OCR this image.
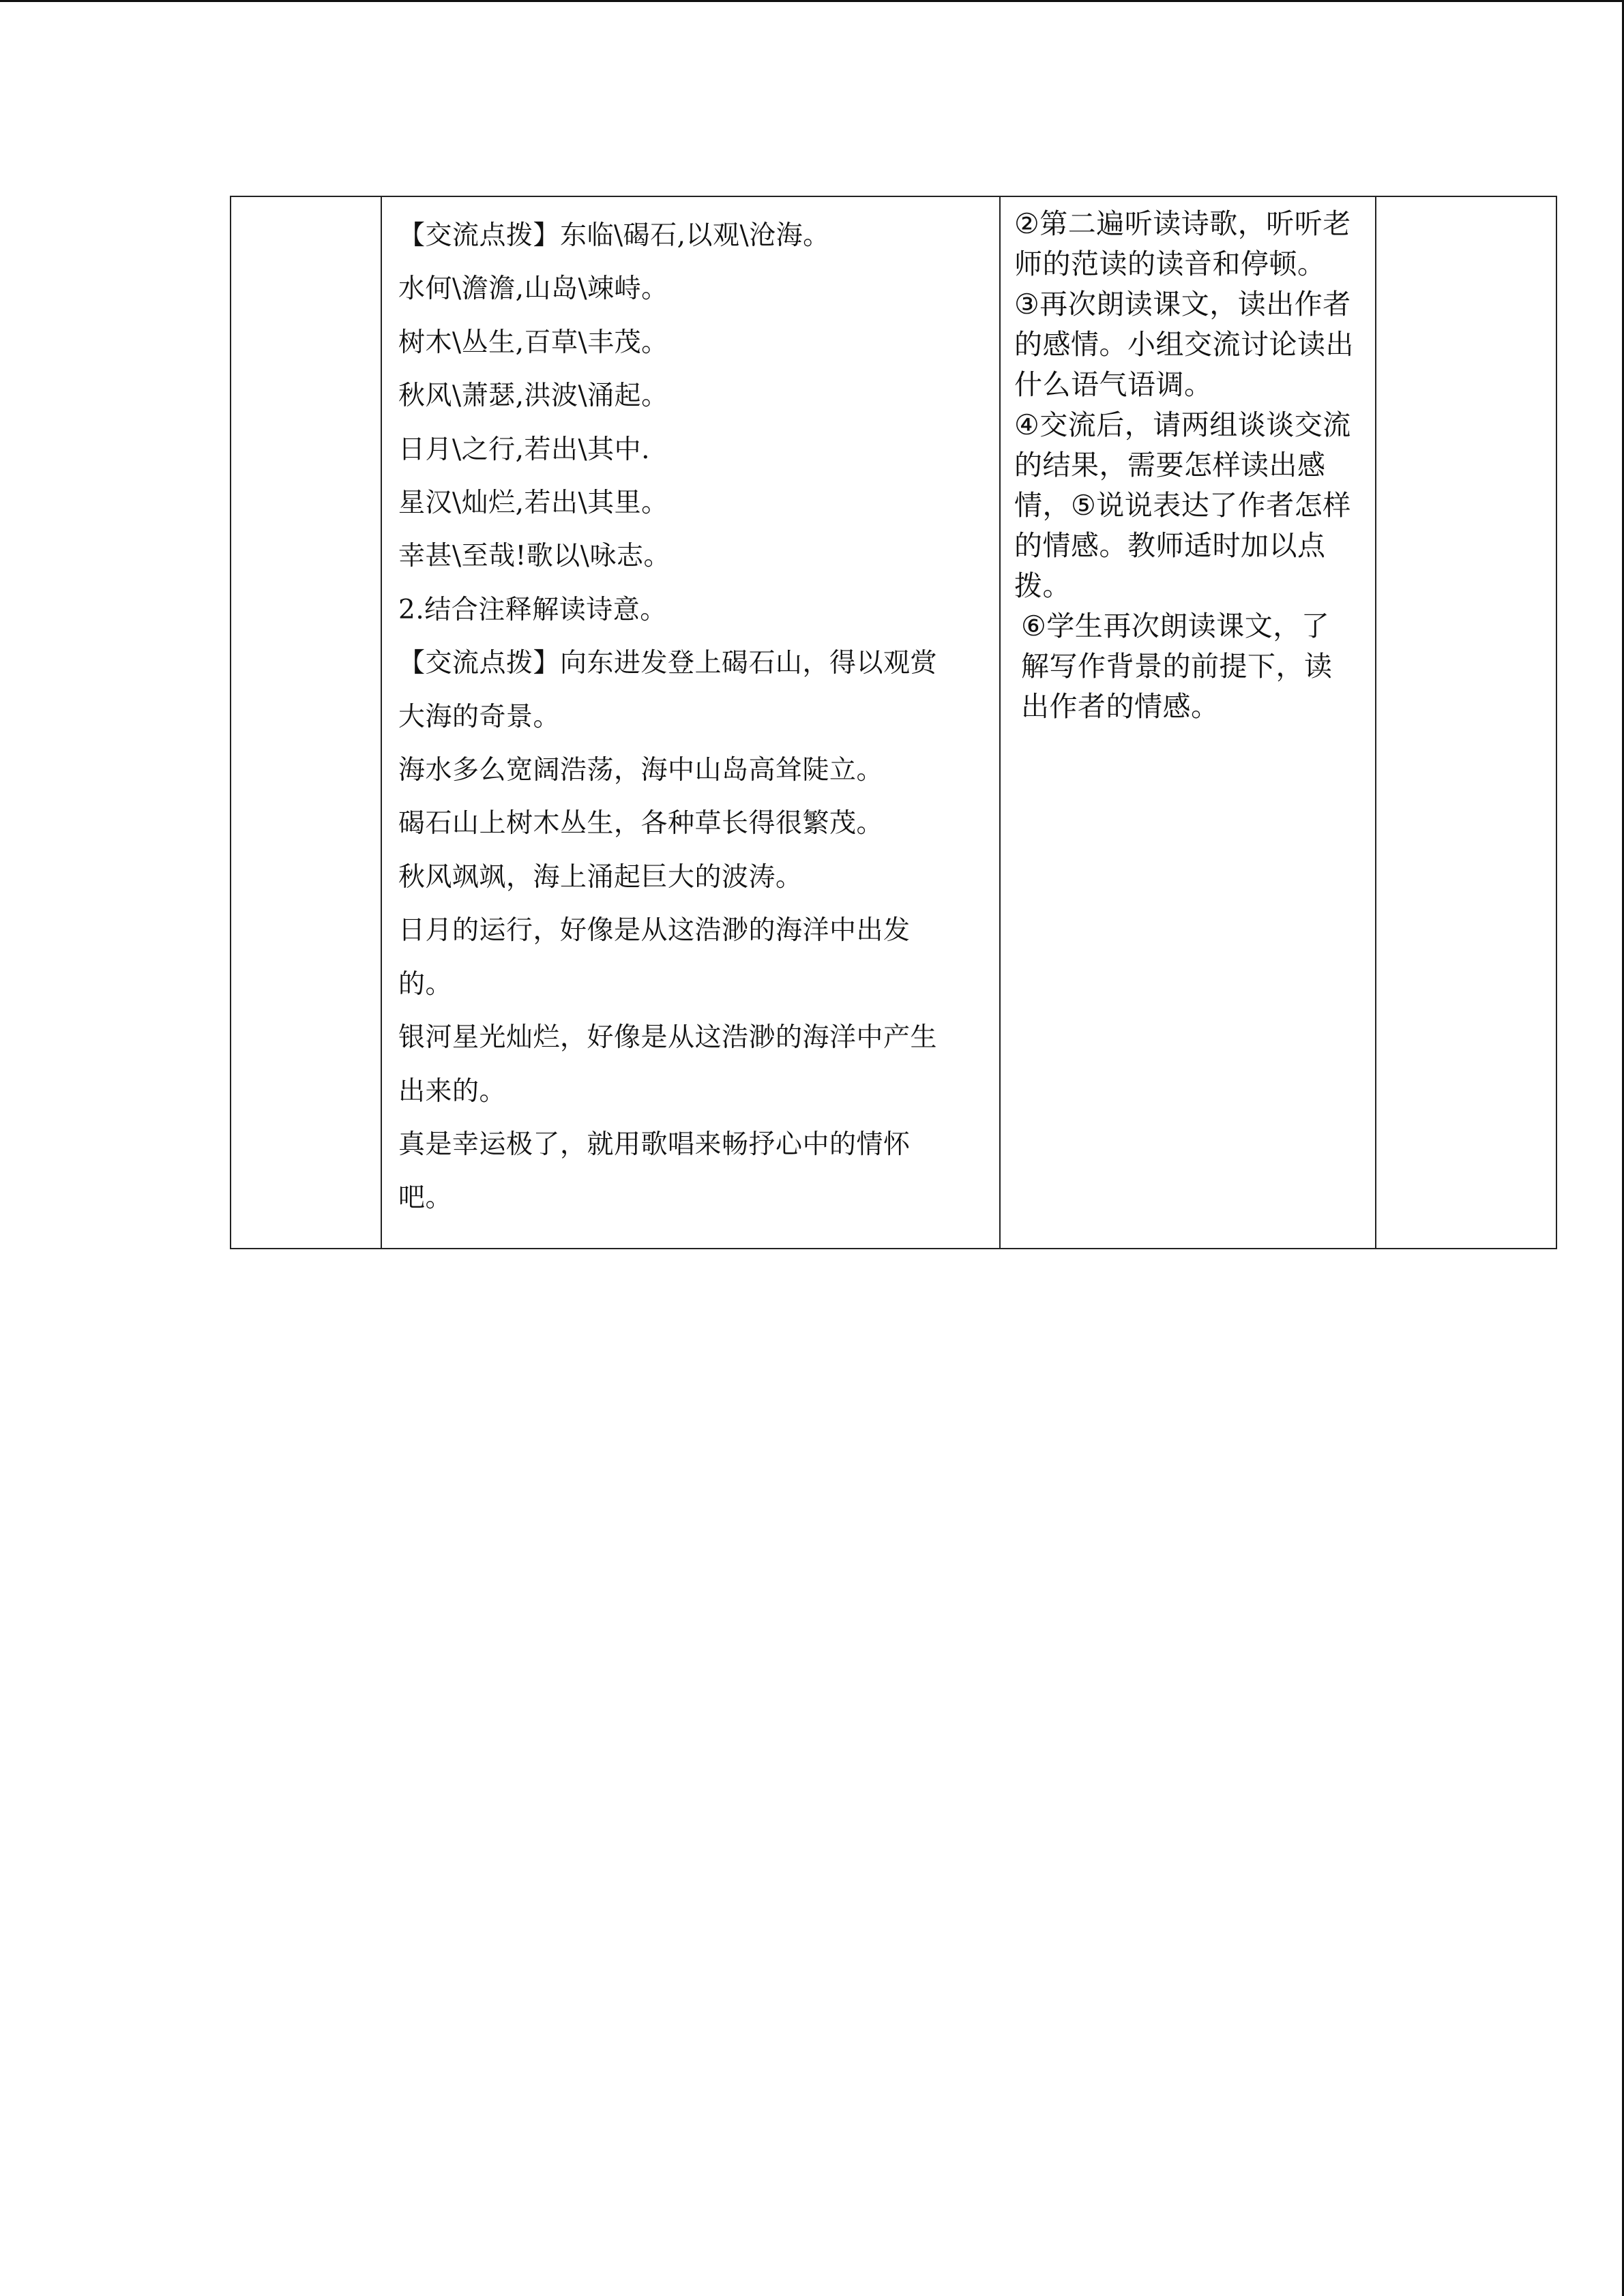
【交流点拨】东临\碣石,以观\沧海。
水何\澹澹,山岛\竦峙。
树木\丛生,百草\丰茂。
秋风\萧瑟,洪波\涌起。
日月\之行,若出\其中.
星汉\灿烂,若出\其里。
幸甚\至哉!歌以\咏志。
2.结合注释解读诗意。
【交流点拨】向东进发登上碣石山，得以观赏
大海的奇景。
海水多么宽阔浩荡，海中山岛高耸陡立。
碣石山上树木丛生，各种草长得很繁茂。
秋风飒飒，海上涌起巨大的波涛。
日月的运行，好像是从这浩渺的海洋中出发
的。
银河星光灿烂，好像是从这浩渺的海洋中产生
出来的。
真是幸运极了，就用歌唱来畅抒心中的情怀
吧。

②第二遍听读诗歌，听听老
师的范读的读音和停顿。
③再次朗读课文，读出作者
的感情。小组交流讨论读出
什么语气语调。
④交流后，请两组谈谈交流
的结果，需要怎样读出感
情，⑤说说表达了作者怎样
的情感。教师适时加以点
拨。
⑥学生再次朗读课文，了
解写作背景的前提下，读
出作者的情感。
